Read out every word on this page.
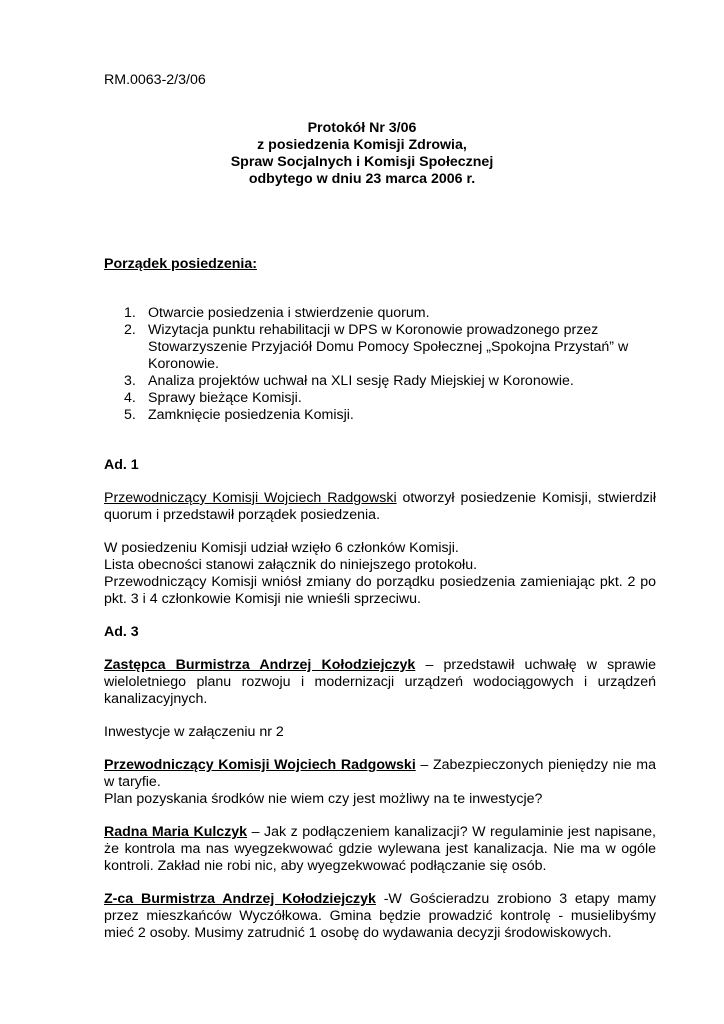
RM.0063-2/3/06
Protokół Nr 3/06
z posiedzenia Komisji Zdrowia,
Spraw Socjalnych i Komisji Społecznej
odbytego w dniu 23 marca 2006 r.
Porządek posiedzenia:
1. Otwarcie posiedzenia i stwierdzenie quorum.
2. Wizytacja punktu rehabilitacji w DPS w Koronowie prowadzonego przez Stowarzyszenie Przyjaciół Domu Pomocy Społecznej „Spokojna Przystań” w Koronowie.
3. Analiza projektów uchwał na XLI sesję Rady Miejskiej w Koronowie.
4. Sprawy bieżące Komisji.
5. Zamknięcie posiedzenia Komisji.
Ad. 1
Przewodniczący Komisji Wojciech Radgowski otworzył posiedzenie Komisji, stwierdził quorum i przedstawił porządek posiedzenia.
W posiedzeniu Komisji udział wzięło 6 członków Komisji.
Lista obecności stanowi załącznik do niniejszego protokołu.
Przewodniczący Komisji wniósł zmiany do porządku posiedzenia zamieniając pkt. 2 po pkt. 3 i 4 członkowie Komisji nie wnieśli sprzeciwu.
Ad. 3
Zastępca Burmistrza Andrzej Kołodziejczyk – przedstawił uchwałę w sprawie wieloletniego planu rozwoju i modernizacji urządzeń wodociągowych i urządzeń kanalizacyjnych.
Inwestycje w załączeniu nr 2
Przewodniczący Komisji Wojciech Radgowski – Zabezpieczonych pieniędzy nie ma w taryfie.
Plan pozyskania środków nie wiem czy jest możliwy na te inwestycje?
Radna Maria Kulczyk – Jak z podłączeniem kanalizacji? W regulaminie jest napisane, że kontrola ma nas wyegzekwować gdzie wylewana jest kanalizacja. Nie ma w ogóle kontroli. Zakład nie robi nic, aby wyegzekwować podłączanie się osób.
Z-ca Burmistrza Andrzej Kołodziejczyk -W Gościeradzu zrobiono 3 etapy mamy przez mieszkańców Wyczółkowa. Gmina będzie prowadzić kontrolę - musielibyśmy mieć 2 osoby. Musimy zatrudnić 1 osobę do wydawania decyzji środowiskowych.
